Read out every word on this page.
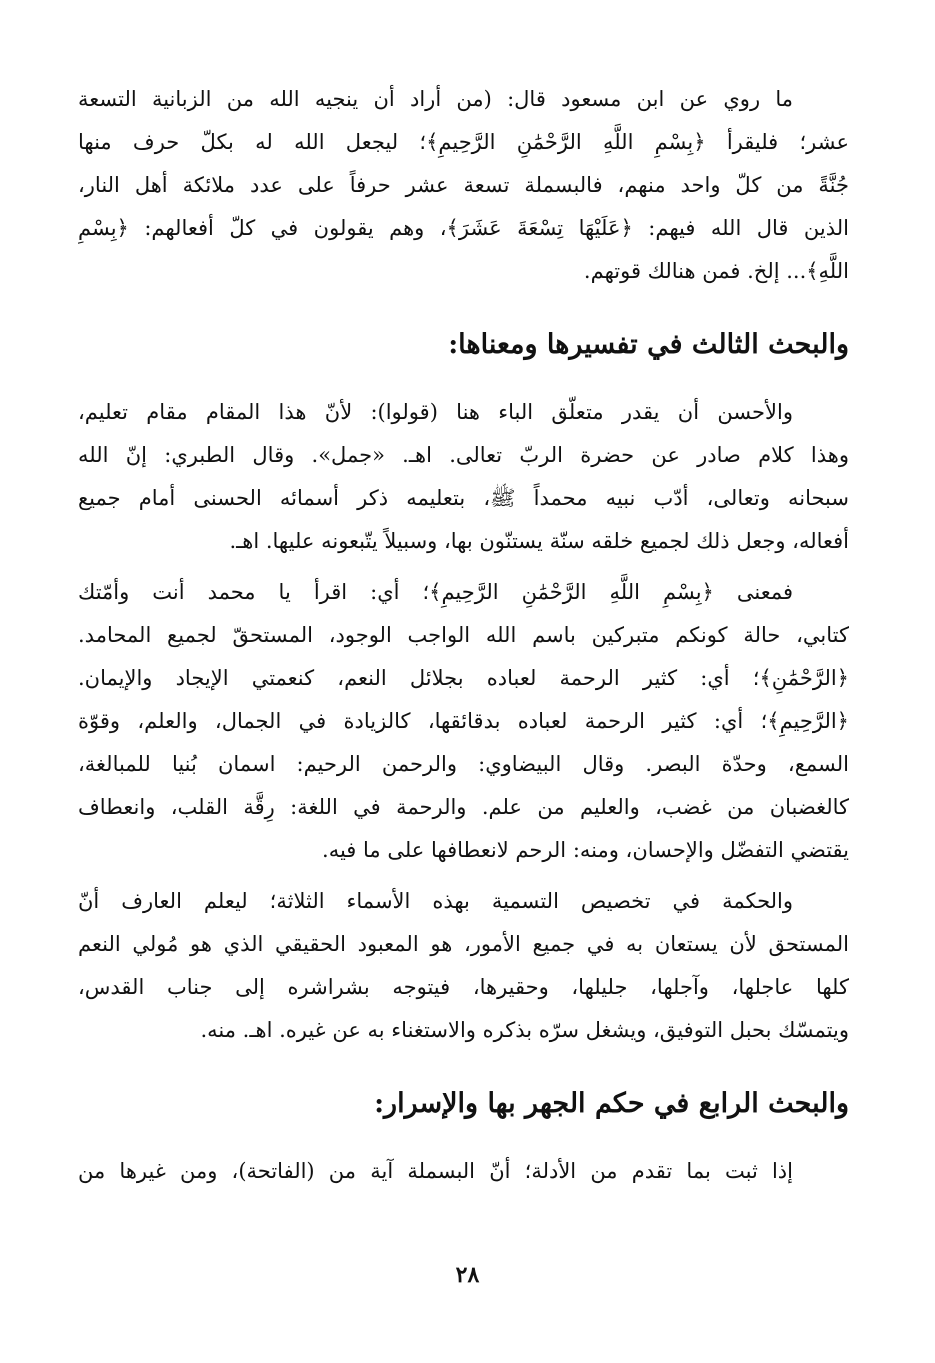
ما روي عن ابن مسعود قال: (من أراد أن ينجيه الله من الزبانية التسعة
عشر؛ فليقرأ ﴿بِسْمِ اللَّهِ الرَّحْمَٰنِ الرَّحِيمِ﴾؛ ليجعل الله له بكلّ حرف منها
جُنَّةً من كلّ واحد منهم، فالبسملة تسعة عشر حرفاً على عدد ملائكة أهل النار،
الذين قال الله فيهم: ﴿عَلَيْهَا تِسْعَةَ عَشَرَ﴾، وهم يقولون في كلّ أفعالهم: ﴿بِسْمِ
اللَّهِ﴾... إلخ. فمن هنالك قوتهم.
والبحث الثالث في تفسيرها ومعناها:
والأحسن أن يقدر متعلّق الباء هنا (قولوا): لأنّ هذا المقام مقام تعليم،
وهذا كلام صادر عن حضرة الربّ تعالى. اهـ. «جمل». وقال الطبري: إنّ الله
سبحانه وتعالى، أدّب نبيه محمداً ﷺ، بتعليمه ذكر أسمائه الحسنى أمام جميع
أفعاله، وجعل ذلك لجميع خلقه سنّة يستنّون بها، وسبيلاً يتّبعونه عليها. اهـ.
فمعنى ﴿بِسْمِ اللَّهِ الرَّحْمَٰنِ الرَّحِيمِ﴾؛ أي: اقرأ يا محمد أنت وأمّتك
كتابي، حالة كونكم متبركين باسم الله الواجب الوجود، المستحقّ لجميع المحامد.
﴿الرَّحْمَٰنِ﴾؛ أي: كثير الرحمة لعباده بجلائل النعم، كنعمتي الإيجاد والإيمان.
﴿الرَّحِيمِ﴾؛ أي: كثير الرحمة لعباده بدقائقها، كالزيادة في الجمال، والعلم، وقوّة
السمع، وحدّة البصر. وقال البيضاوي: والرحمن الرحيم: اسمان بُنيا للمبالغة،
كالغضبان من غضب، والعليم من علم. والرحمة في اللغة: رِقَّة القلب، وانعطاف
يقتضي التفضّل والإحسان، ومنه: الرحم لانعطافها على ما فيه.
والحكمة في تخصيص التسمية بهذه الأسماء الثلاثة؛ ليعلم العارف أنّ
المستحق لأن يستعان به في جميع الأمور، هو المعبود الحقيقي الذي هو مُولي النعم
كلها عاجلها، وآجلها، جليلها، وحقيرها، فيتوجه بشراشره إلى جناب القدس،
ويتمسّك بحبل التوفيق، ويشغل سرّه بذكره والاستغناء به عن غيره. اهـ. منه.
والبحث الرابع في حكم الجهر بها والإسرار:
إذا ثبت بما تقدم من الأدلة؛ أنّ البسملة آية من (الفاتحة)، ومن غيرها من
٢٨
